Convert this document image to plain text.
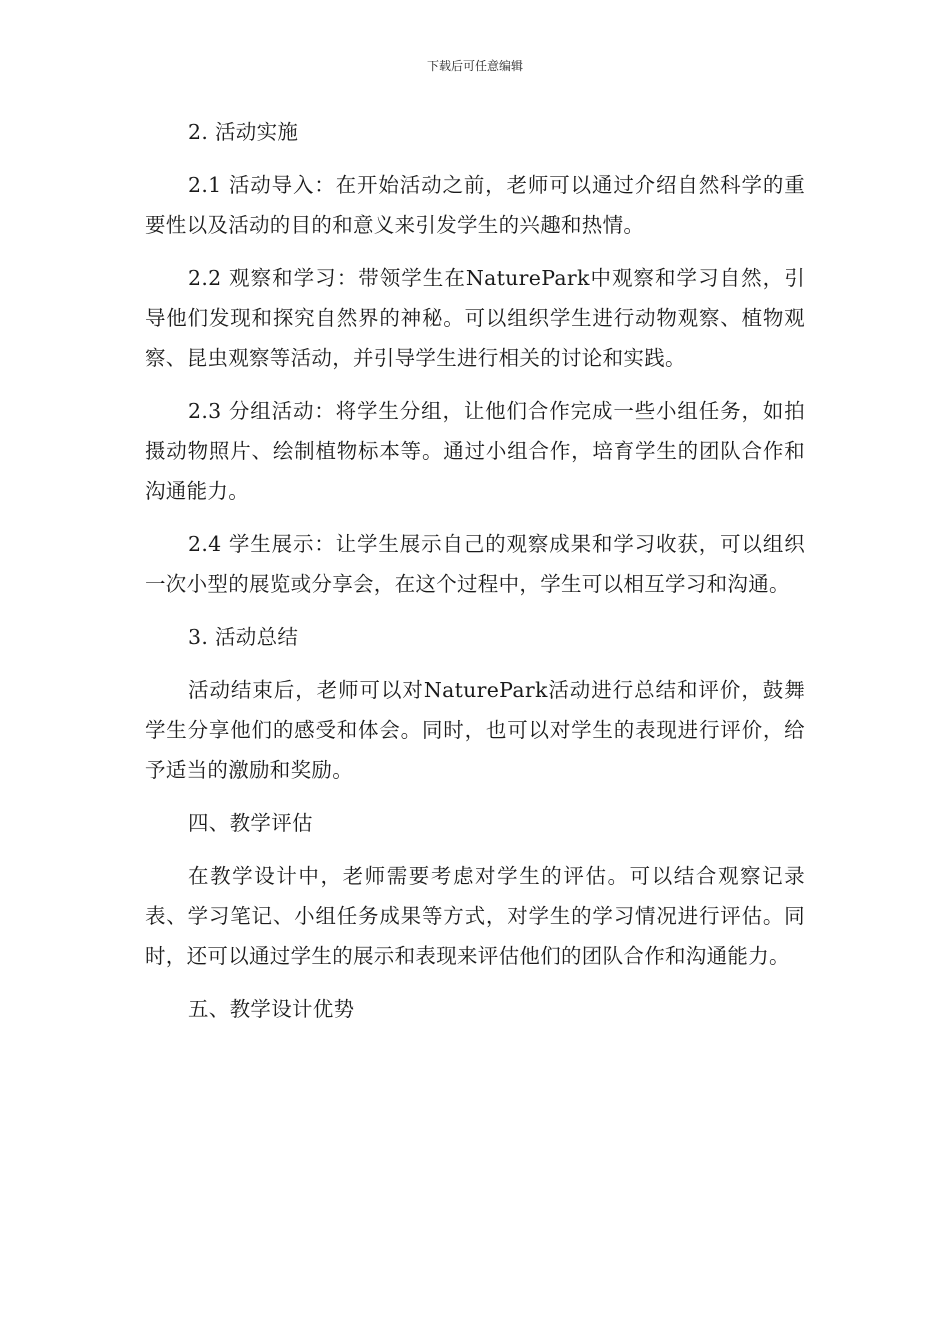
下载后可任意编辑

2. 活动实施

2.1 活动导入：在开始活动之前，老师可以通过介绍自然科学的重要性以及活动的目的和意义来引发学生的兴趣和热情。

2.2 观察和学习：带领学生在NaturePark中观察和学习自然，引导他们发现和探究自然界的神秘。可以组织学生进行动物观察、植物观察、昆虫观察等活动，并引导学生进行相关的讨论和实践。

2.3 分组活动：将学生分组，让他们合作完成一些小组任务，如拍摄动物照片、绘制植物标本等。通过小组合作，培育学生的团队合作和沟通能力。

2.4 学生展示：让学生展示自己的观察成果和学习收获，可以组织一次小型的展览或分享会，在这个过程中，学生可以相互学习和沟通。

3. 活动总结

活动结束后，老师可以对NaturePark活动进行总结和评价，鼓舞学生分享他们的感受和体会。同时，也可以对学生的表现进行评价，给予适当的激励和奖励。

四、教学评估

在教学设计中，老师需要考虑对学生的评估。可以结合观察记录表、学习笔记、小组任务成果等方式，对学生的学习情况进行评估。同时，还可以通过学生的展示和表现来评估他们的团队合作和沟通能力。

五、教学设计优势
